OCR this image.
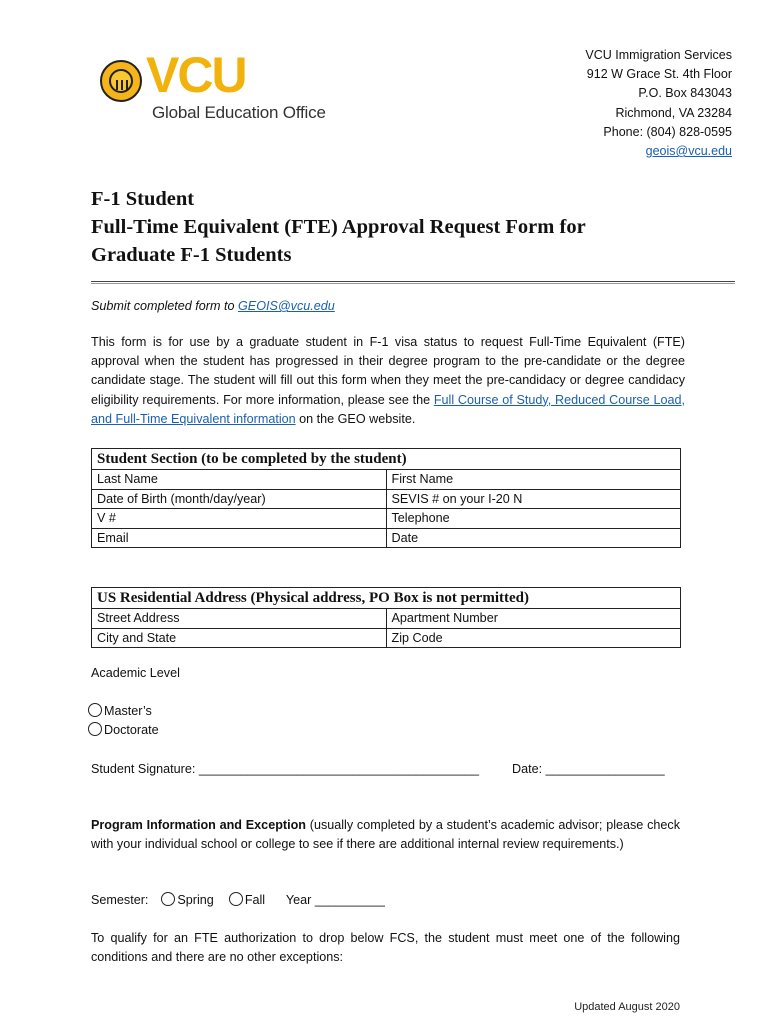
VCU
Global Education Office
VCU Immigration Services
912 W Grace St. 4th Floor
P.O. Box 843043
Richmond, VA 23284
Phone: (804) 828-0595
geois@vcu.edu
F-1 Student
Full-Time Equivalent (FTE) Approval Request Form for
Graduate F-1 Students
Submit completed form to GEOIS@vcu.edu
This form is for use by a graduate student in F-1 visa status to request Full-Time Equivalent (FTE) approval when the student has progressed in their degree program to the pre-candidate or the degree candidate stage. The student will fill out this form when they meet the pre-candidacy or degree candidacy eligibility requirements. For more information, please see the Full Course of Study, Reduced Course Load, and Full-Time Equivalent information on the GEO website.
Student Section (to be completed by the student)	
Last Name	First Name
Date of Birth (month/day/year)	SEVIS # on your I-20 N
V #	Telephone
Email	Date
US Residential Address (Physical address, PO Box is not permitted)	
Street Address	Apartment Number
City and State	Zip Code
Academic Level
Master’s
Doctorate
Student Signature: ________________________________________	Date: _________________
Program Information and Exception (usually completed by a student’s academic advisor; please check with your individual school or college to see if there are additional internal review requirements.)
Semester: Spring Fall Year __________
To qualify for an FTE authorization to drop below FCS, the student must meet one of the following conditions and there are no other exceptions:
Updated August 2020
